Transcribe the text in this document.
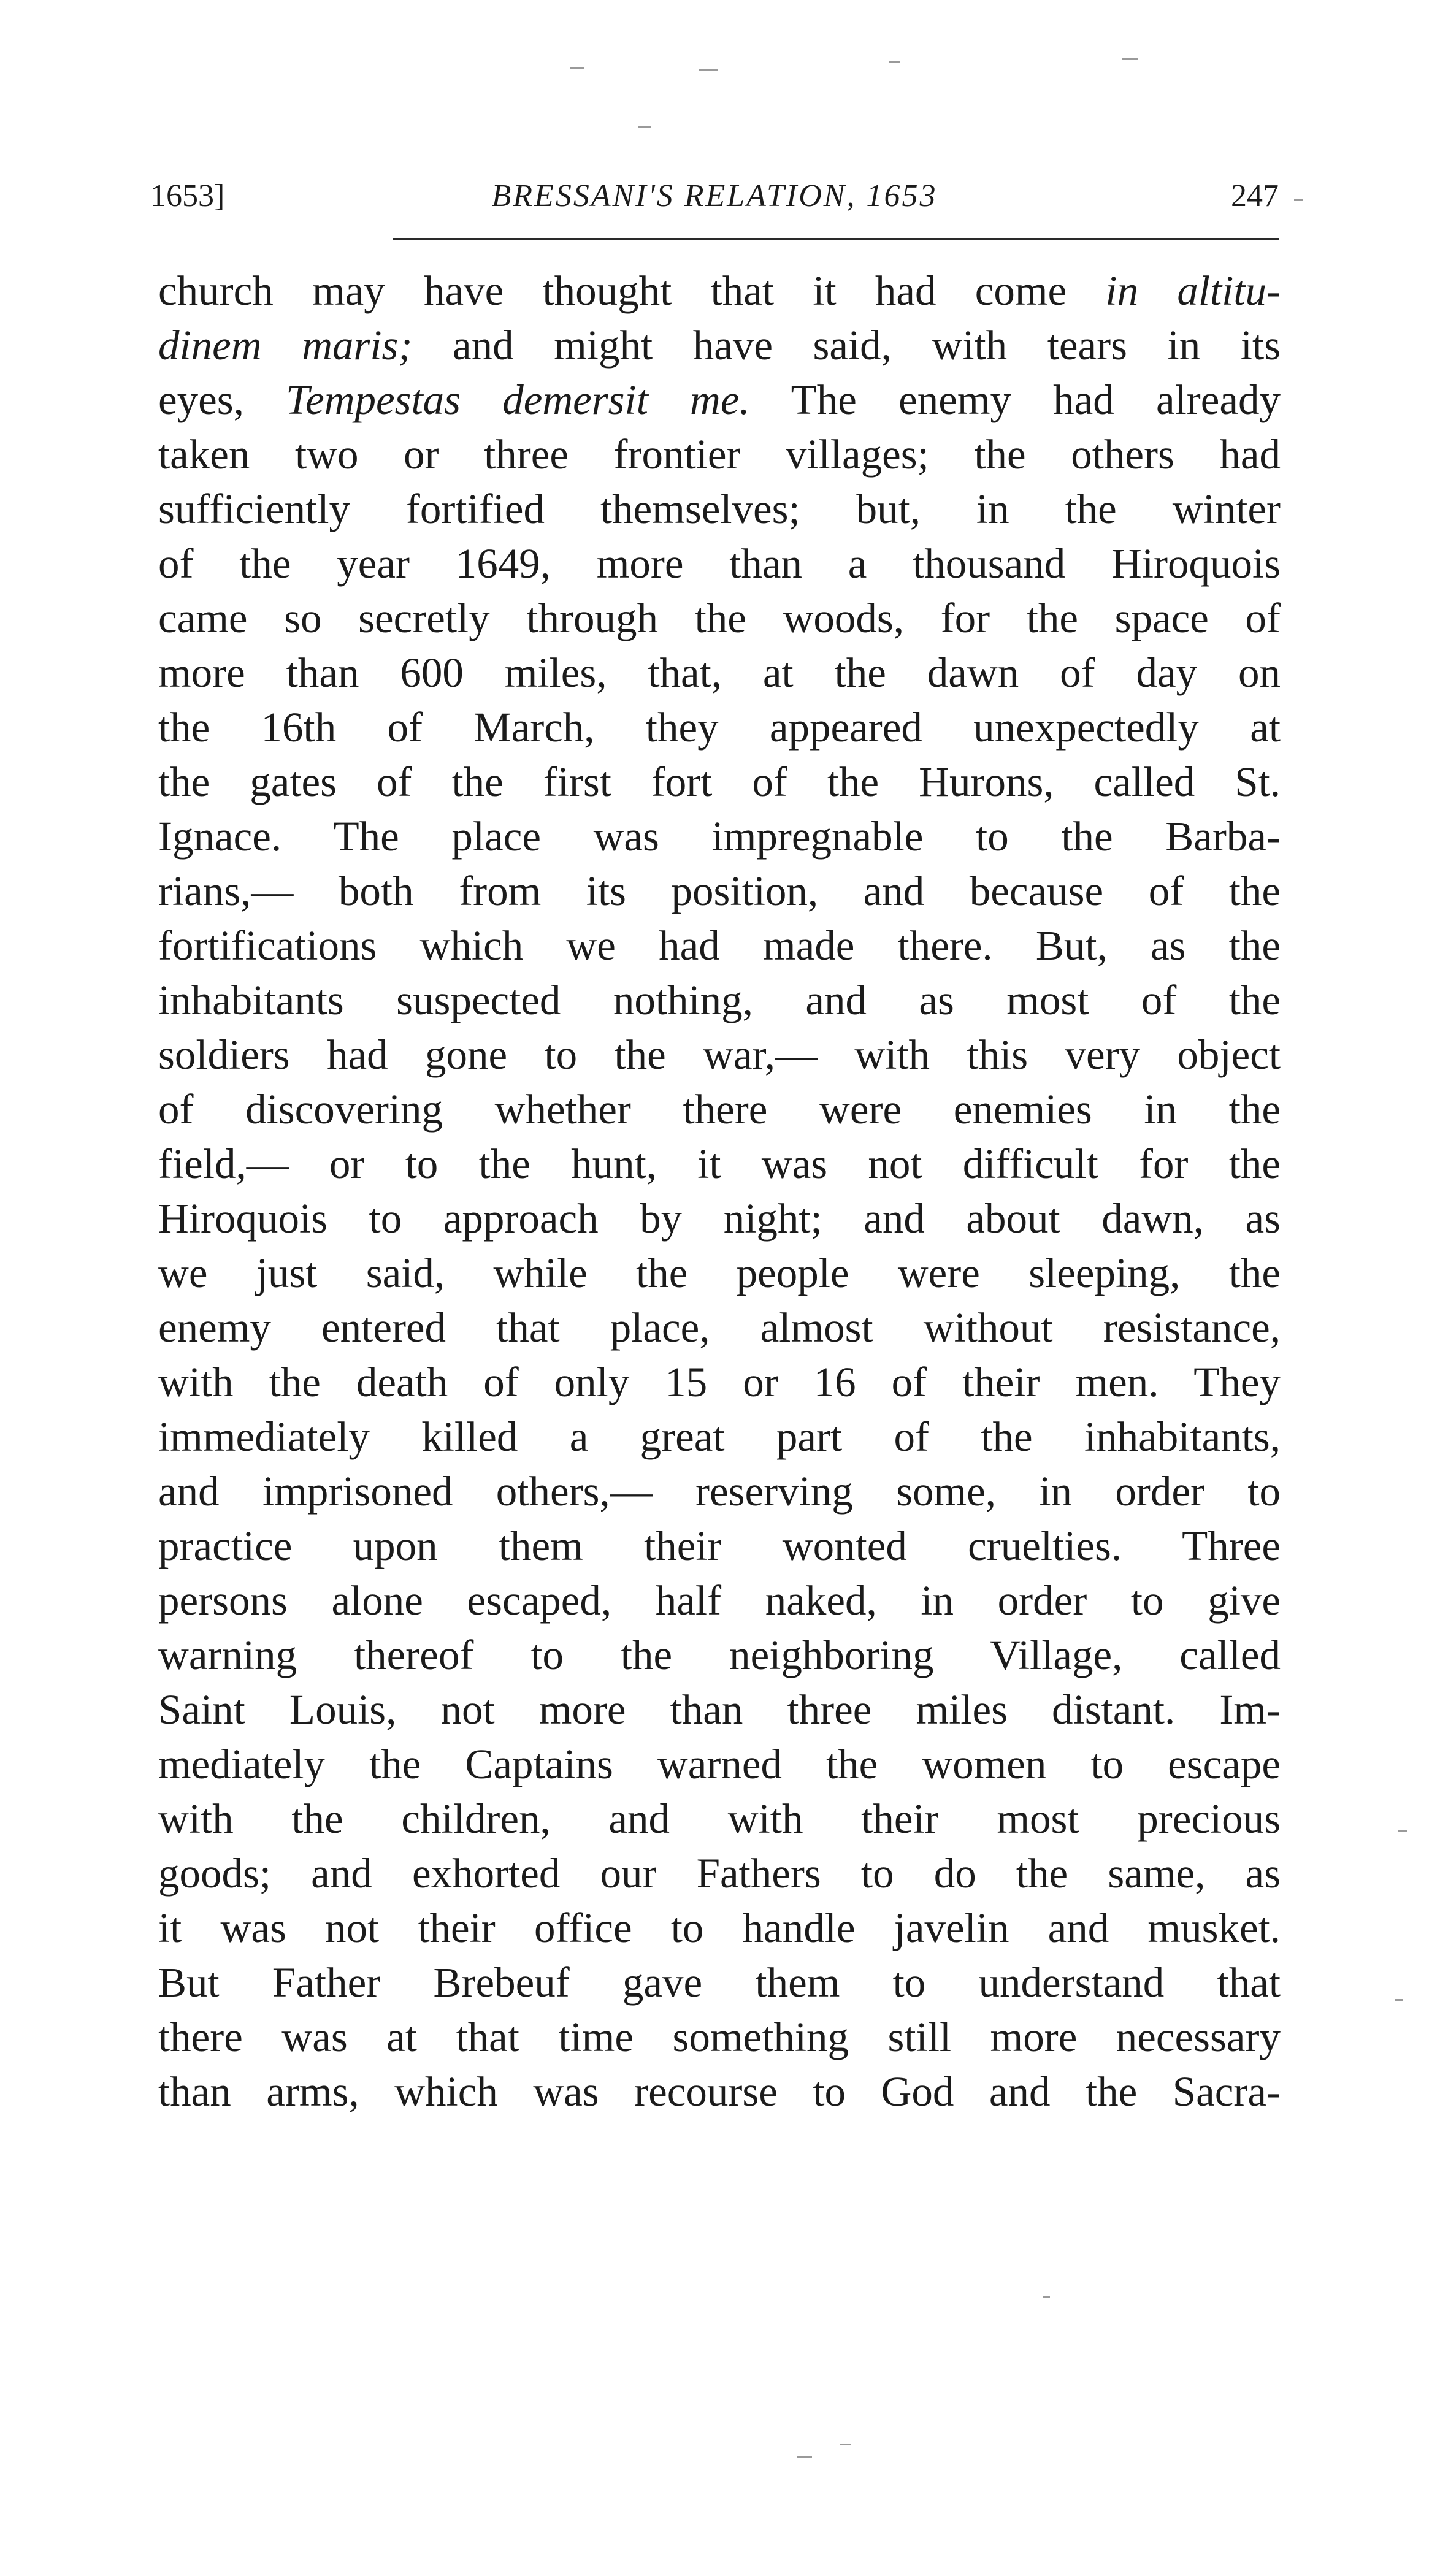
1653]	BRESSANI'S RELATION, 1653	247
church may have thought that it had come in altitu-
dinem maris; and might have said, with tears in its
eyes, Tempestas demersit me. The enemy had already
taken two or three frontier villages; the others had
sufficiently fortified themselves; but, in the winter
of the year 1649, more than a thousand Hiroquois
came so secretly through the woods, for the space of
more than 600 miles, that, at the dawn of day on
the 16th of March, they appeared unexpectedly at
the gates of the first fort of the Hurons, called St.
Ignace. The place was impregnable to the Barba-
rians,— both from its position, and because of the
fortifications which we had made there. But, as the
inhabitants suspected nothing, and as most of the
soldiers had gone to the war,— with this very object
of discovering whether there were enemies in the
field,— or to the hunt, it was not difficult for the
Hiroquois to approach by night; and about dawn, as
we just said, while the people were sleeping, the
enemy entered that place, almost without resistance,
with the death of only 15 or 16 of their men. They
immediately killed a great part of the inhabitants,
and imprisoned others,— reserving some, in order to
practice upon them their wonted cruelties. Three
persons alone escaped, half naked, in order to give
warning thereof to the neighboring Village, called
Saint Louis, not more than three miles distant. Im-
mediately the Captains warned the women to escape
with the children, and with their most precious
goods; and exhorted our Fathers to do the same, as
it was not their office to handle javelin and musket.
But Father Brebeuf gave them to understand that
there was at that time something still more necessary
than arms, which was recourse to God and the Sacra-
